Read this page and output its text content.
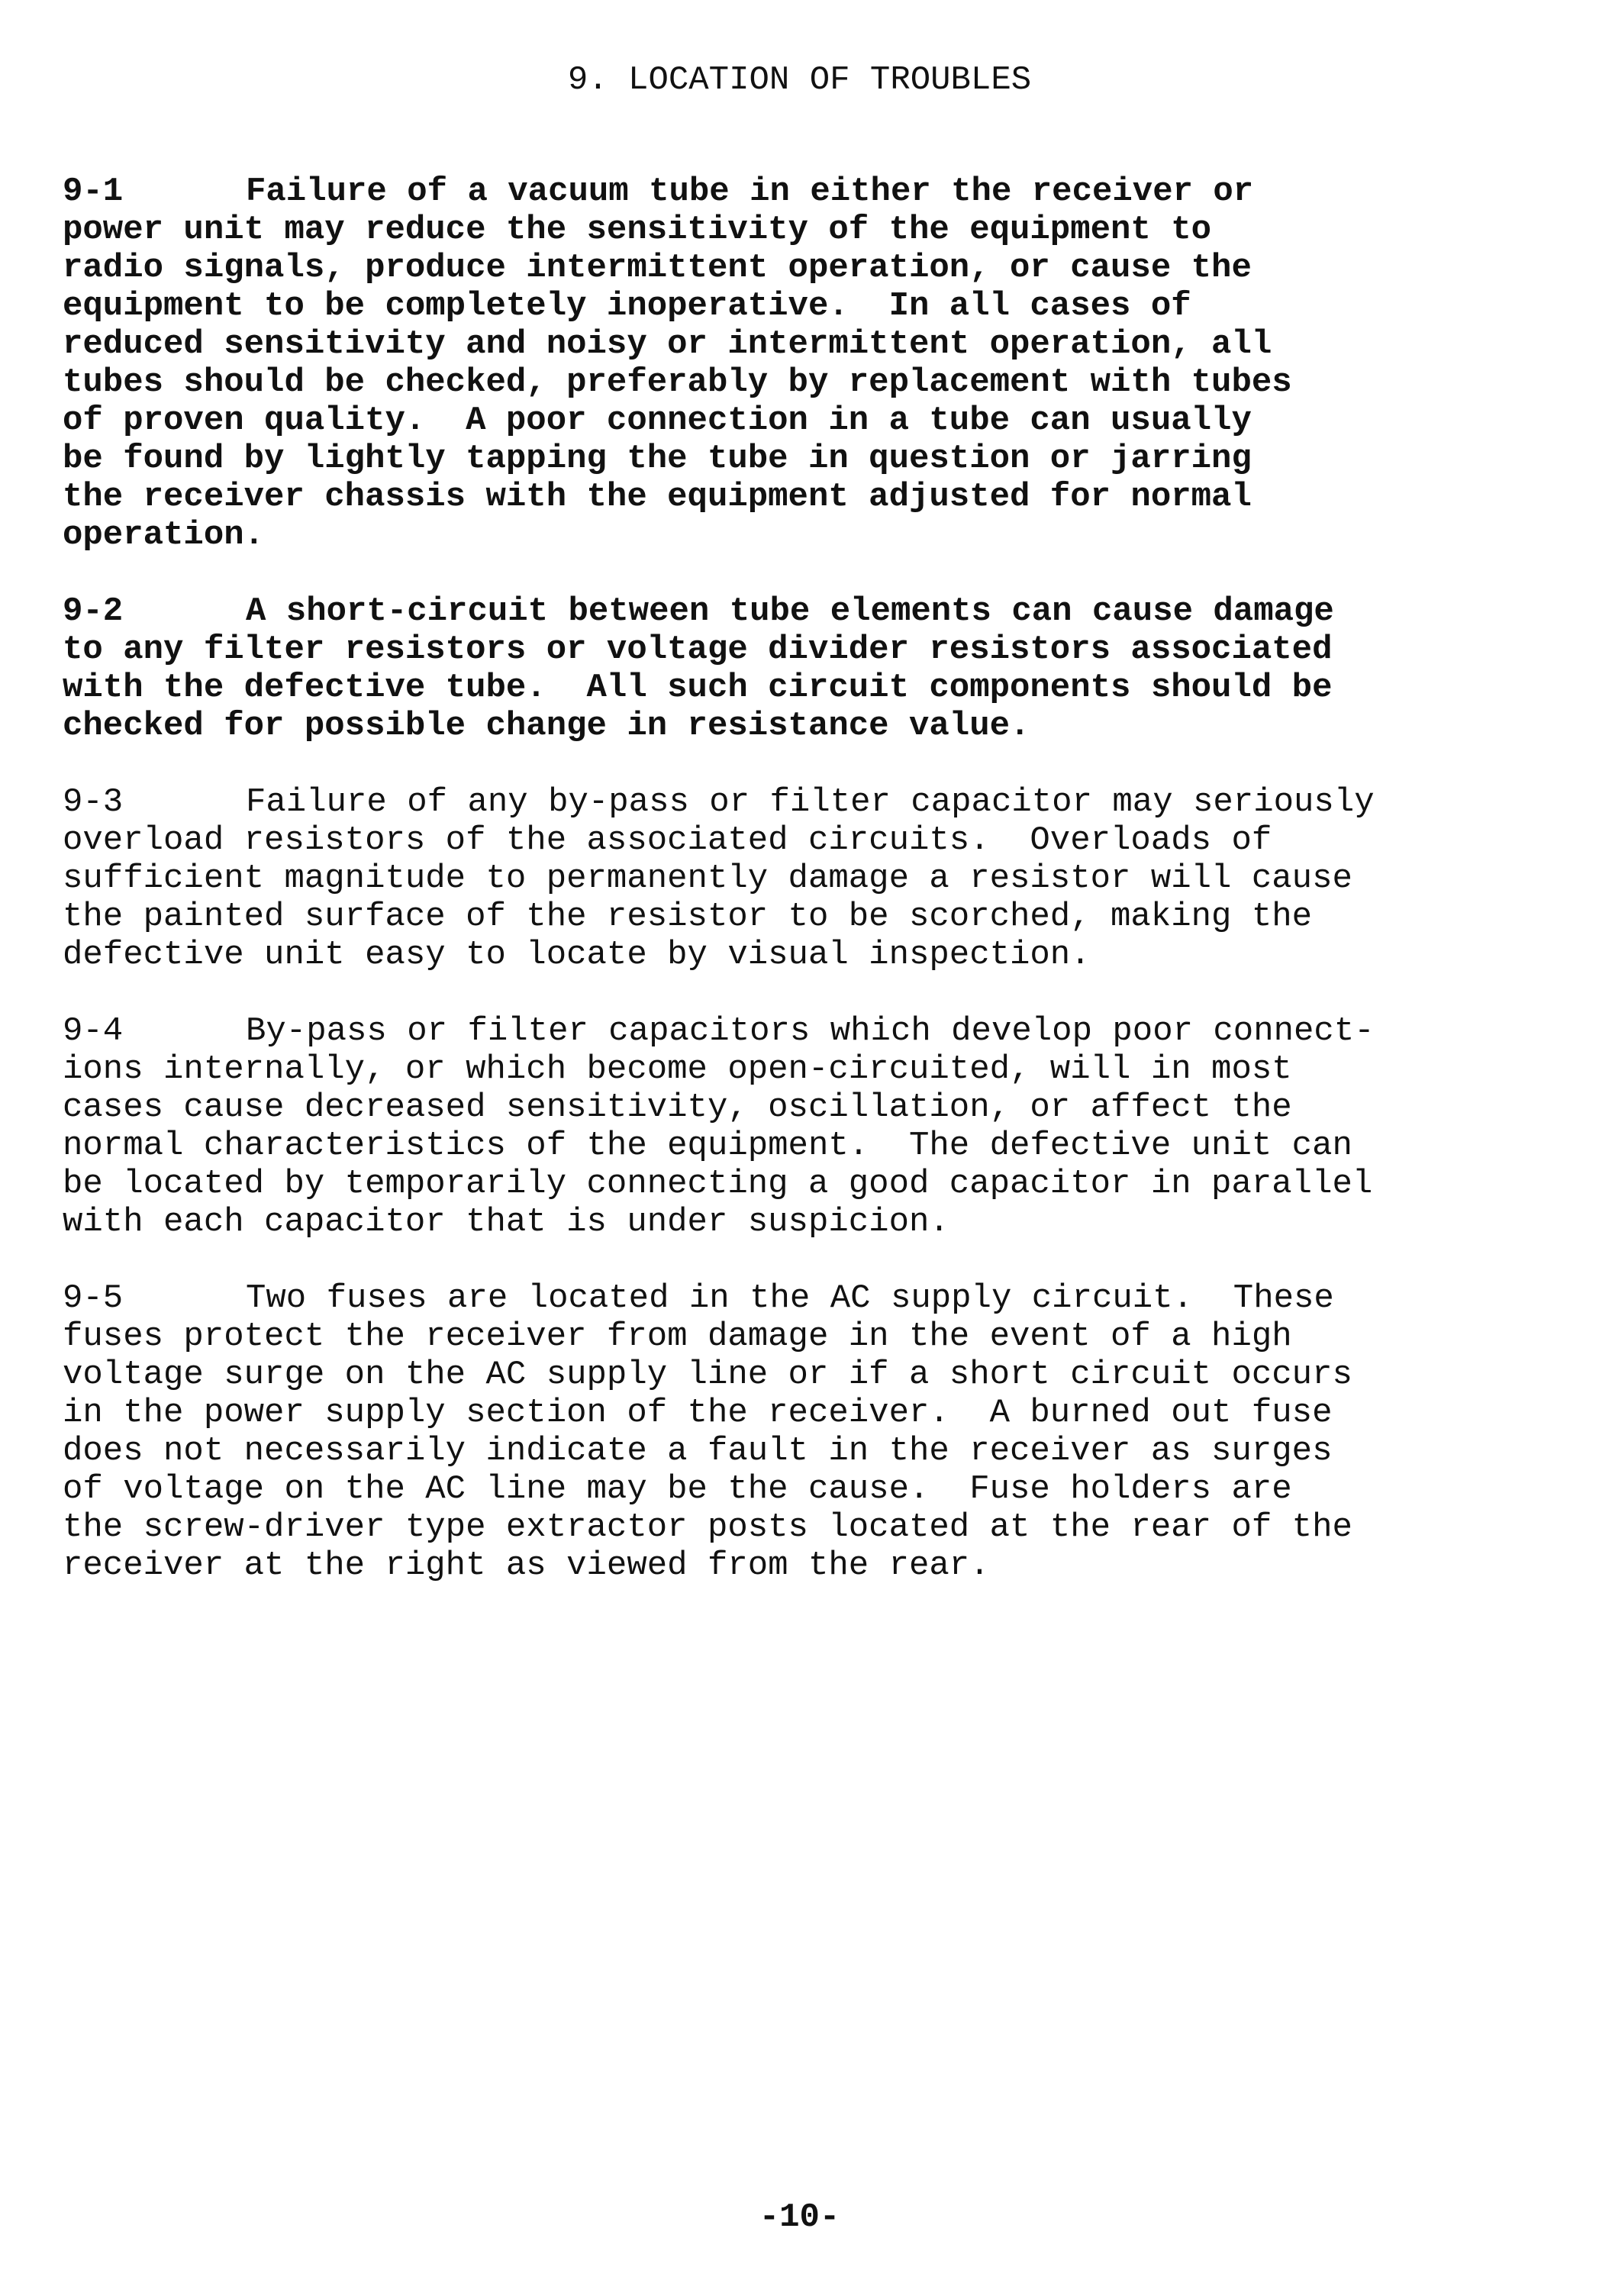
9. LOCATION OF TROUBLES
9-1	Failure of a vacuum tube in either the receiver or
power unit may reduce the sensitivity of the equipment to
radio signals, produce intermittent operation, or cause the
equipment to be completely inoperative.  In all cases of
reduced sensitivity and noisy or intermittent operation, all
tubes should be checked, preferably by replacement with tubes
of proven quality.  A poor connection in a tube can usually
be found by lightly tapping the tube in question or jarring
the receiver chassis with the equipment adjusted for normal
operation.
9-2	A short-circuit between tube elements can cause damage
to any filter resistors or voltage divider resistors associated
with the defective tube.  All such circuit components should be
checked for possible change in resistance value.
9-3	Failure of any by-pass or filter capacitor may seriously
overload resistors of the associated circuits.  Overloads of
sufficient magnitude to permanently damage a resistor will cause
the painted surface of the resistor to be scorched, making the
defective unit easy to locate by visual inspection.
9-4	By-pass or filter capacitors which develop poor connect-
ions internally, or which become open-circuited, will in most
cases cause decreased sensitivity, oscillation, or affect the
normal characteristics of the equipment.  The defective unit can
be located by temporarily connecting a good capacitor in parallel
with each capacitor that is under suspicion.
9-5	Two fuses are located in the AC supply circuit.  These
fuses protect the receiver from damage in the event of a high
voltage surge on the AC supply line or if a short circuit occurs
in the power supply section of the receiver.  A burned out fuse
does not necessarily indicate a fault in the receiver as surges
of voltage on the AC line may be the cause.  Fuse holders are
the screw-driver type extractor posts located at the rear of the
receiver at the right as viewed from the rear.
-10-
